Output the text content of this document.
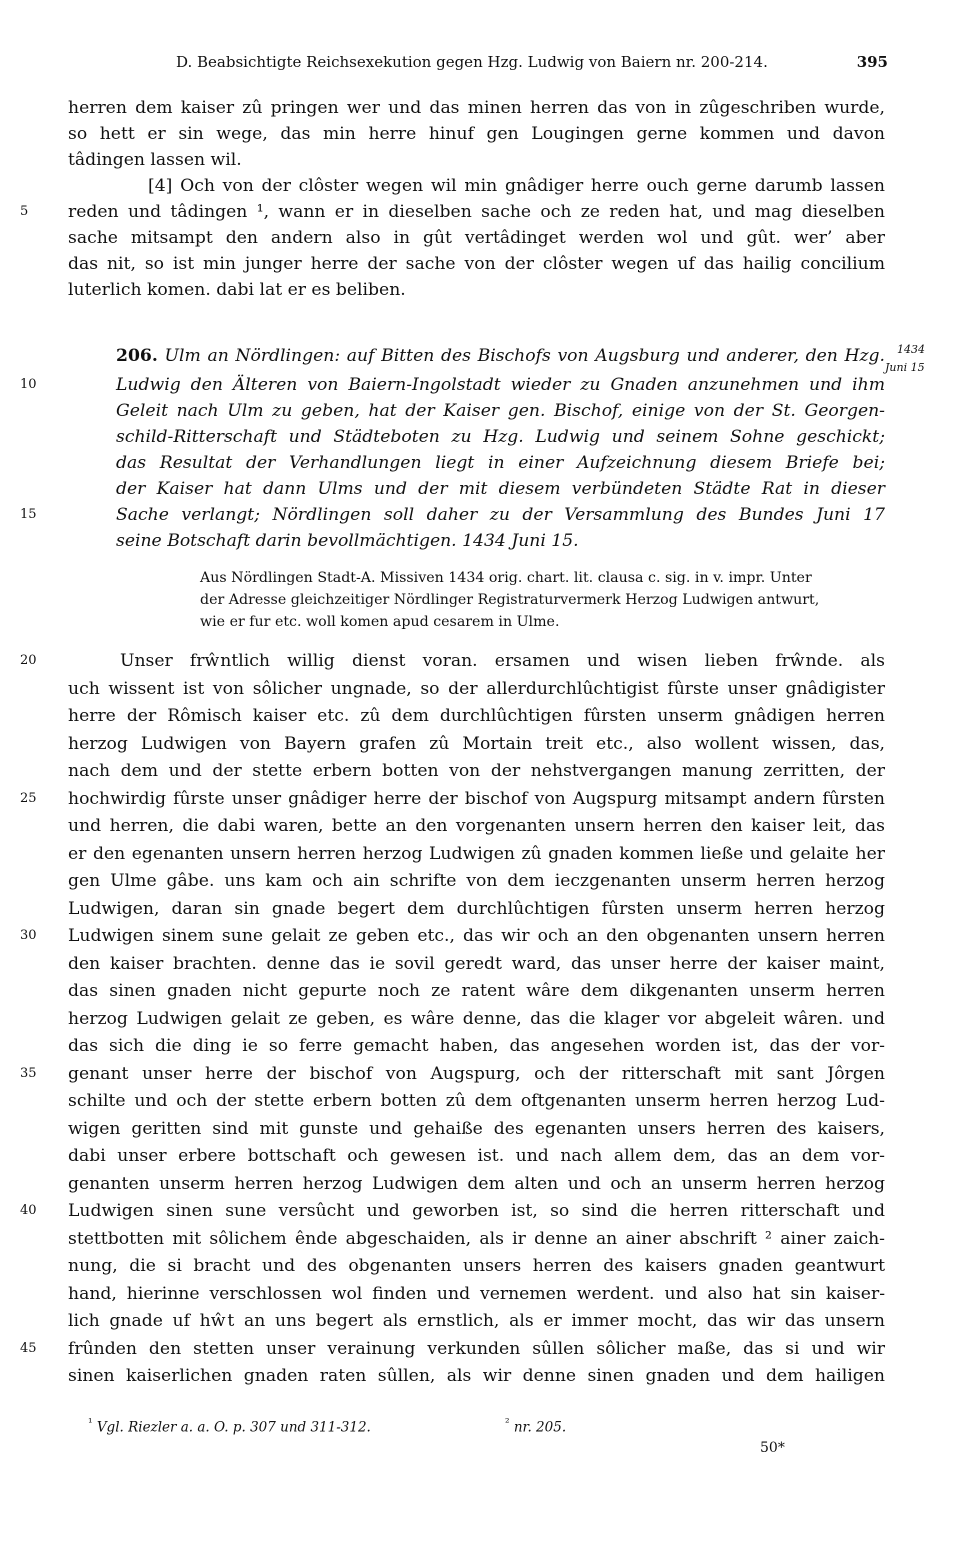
D. Beabsichtigte Reichsexekution gegen Hzg. Ludwig von Baiern nr. 200-214.	395
herren dem kaiser zû pringen wer und das minen herren das von in zûgeschriben wurde,
so hett er sin wege, das min herre hinuf gen Lougingen gerne kommen und davon
tâdingen lassen wil.
[4] Och von der clôster wegen wil min gnâdiger herre ouch gerne darumb lassen
5	reden und tâdingen ¹, wann er in dieselben sache och ze reden hat, und mag dieselben
sache mitsampt den andern also in gût vertâdinget werden wol und gût. wer’ aber
das nit, so ist min junger herre der sache von der clôster wegen uf das hailig concilium
luterlich komen. dabi lat er es beliben.
206. Ulm an Nördlingen: auf Bitten des Bischofs von Augsburg und anderer, den Hzg. 1434
Juni 15
10	Ludwig den Älteren von Baiern-Ingolstadt wieder zu Gnaden anzunehmen und ihm
Geleit nach Ulm zu geben, hat der Kaiser gen. Bischof, einige von der St. Georgen-
schild-Ritterschaft und Städteboten zu Hzg. Ludwig und seinem Sohne geschickt;
das Resultat der Verhandlungen liegt in einer Aufzeichnung diesem Briefe bei;
der Kaiser hat dann Ulms und der mit diesem verbündeten Städte Rat in dieser
15	Sache verlangt; Nördlingen soll daher zu der Versammlung des Bundes Juni 17
seine Botschaft darin bevollmächtigen. 1434 Juni 15.
Aus Nördlingen Stadt-A. Missiven 1434 orig. chart. lit. clausa c. sig. in v. impr. Unter
der Adresse gleichzeitiger Nördlinger Registraturvermerk Herzog Ludwigen antwurt,
wie er fur etc. woll komen apud cesarem in Ulme.
20	Unser frŵntlich willig dienst voran. ersamen und wisen lieben frŵnde. als
uch wissent ist von sôlicher ungnade, so der allerdurchlûchtigist fûrste unser gnâdigister
herre der Rômisch kaiser etc. zû dem durchlûchtigen fûrsten unserm gnâdigen herren
herzog Ludwigen von Bayern grafen zû Mortain treit etc., also wollent wissen, das,
nach dem und der stette erbern botten von der nehstvergangen manung zerritten, der
25	hochwirdig fûrste unser gnâdiger herre der bischof von Augspurg mitsampt andern fûrsten
und herren, die dabi waren, bette an den vorgenanten unsern herren den kaiser leit, das
er den egenanten unsern herren herzog Ludwigen zû gnaden kommen ließe und gelaite her
gen Ulme gâbe. uns kam och ain schrifte von dem ieczgenanten unserm herren herzog
Ludwigen, daran sin gnade begert dem durchlûchtigen fûrsten unserm herren herzog
30	Ludwigen sinem sune gelait ze geben etc., das wir och an den obgenanten unsern herren
den kaiser brachten. denne das ie sovil geredt ward, das unser herre der kaiser maint,
das sinen gnaden nicht gepurte noch ze ratent wâre dem dikgenanten unserm herren
herzog Ludwigen gelait ze geben, es wâre denne, das die klager vor abgeleit wâren. und
das sich die ding ie so ferre gemacht haben, das angesehen worden ist, das der vor-
35	genant unser herre der bischof von Augspurg, och der ritterschaft mit sant Jôrgen
schilte und och der stette erbern botten zû dem oftgenanten unserm herren herzog Lud-
wigen geritten sind mit gunste und gehaiße des egenanten unsers herren des kaisers,
dabi unser erbere bottschaft och gewesen ist. und nach allem dem, das an dem vor-
genanten unserm herren herzog Ludwigen dem alten und och an unserm herren herzog
40	Ludwigen sinen sune versûcht und geworben ist, so sind die herren ritterschaft und
stettbotten mit sôlichem ênde abgeschaiden, als ir denne an ainer abschrift ² ainer zaich-
nung, die si bracht und des obgenanten unsers herren des kaisers gnaden geantwurt
hand, hierinne verschlossen wol finden und vernemen werdent. und also hat sin kaiser-
lich gnade uf hŵt an uns begert als ernstlich, als er immer mocht, das wir das unsern
45	frûnden den stetten unser verainung verkunden sûllen sôlicher maße, das si und wir
sinen kaiserlichen gnaden raten sûllen, als wir denne sinen gnaden und dem hailigen
$^{^1}$ Vgl. Riezler a. a. O. p. 307 und 311-312.	$^{^2}$ nr. 205.
50*
